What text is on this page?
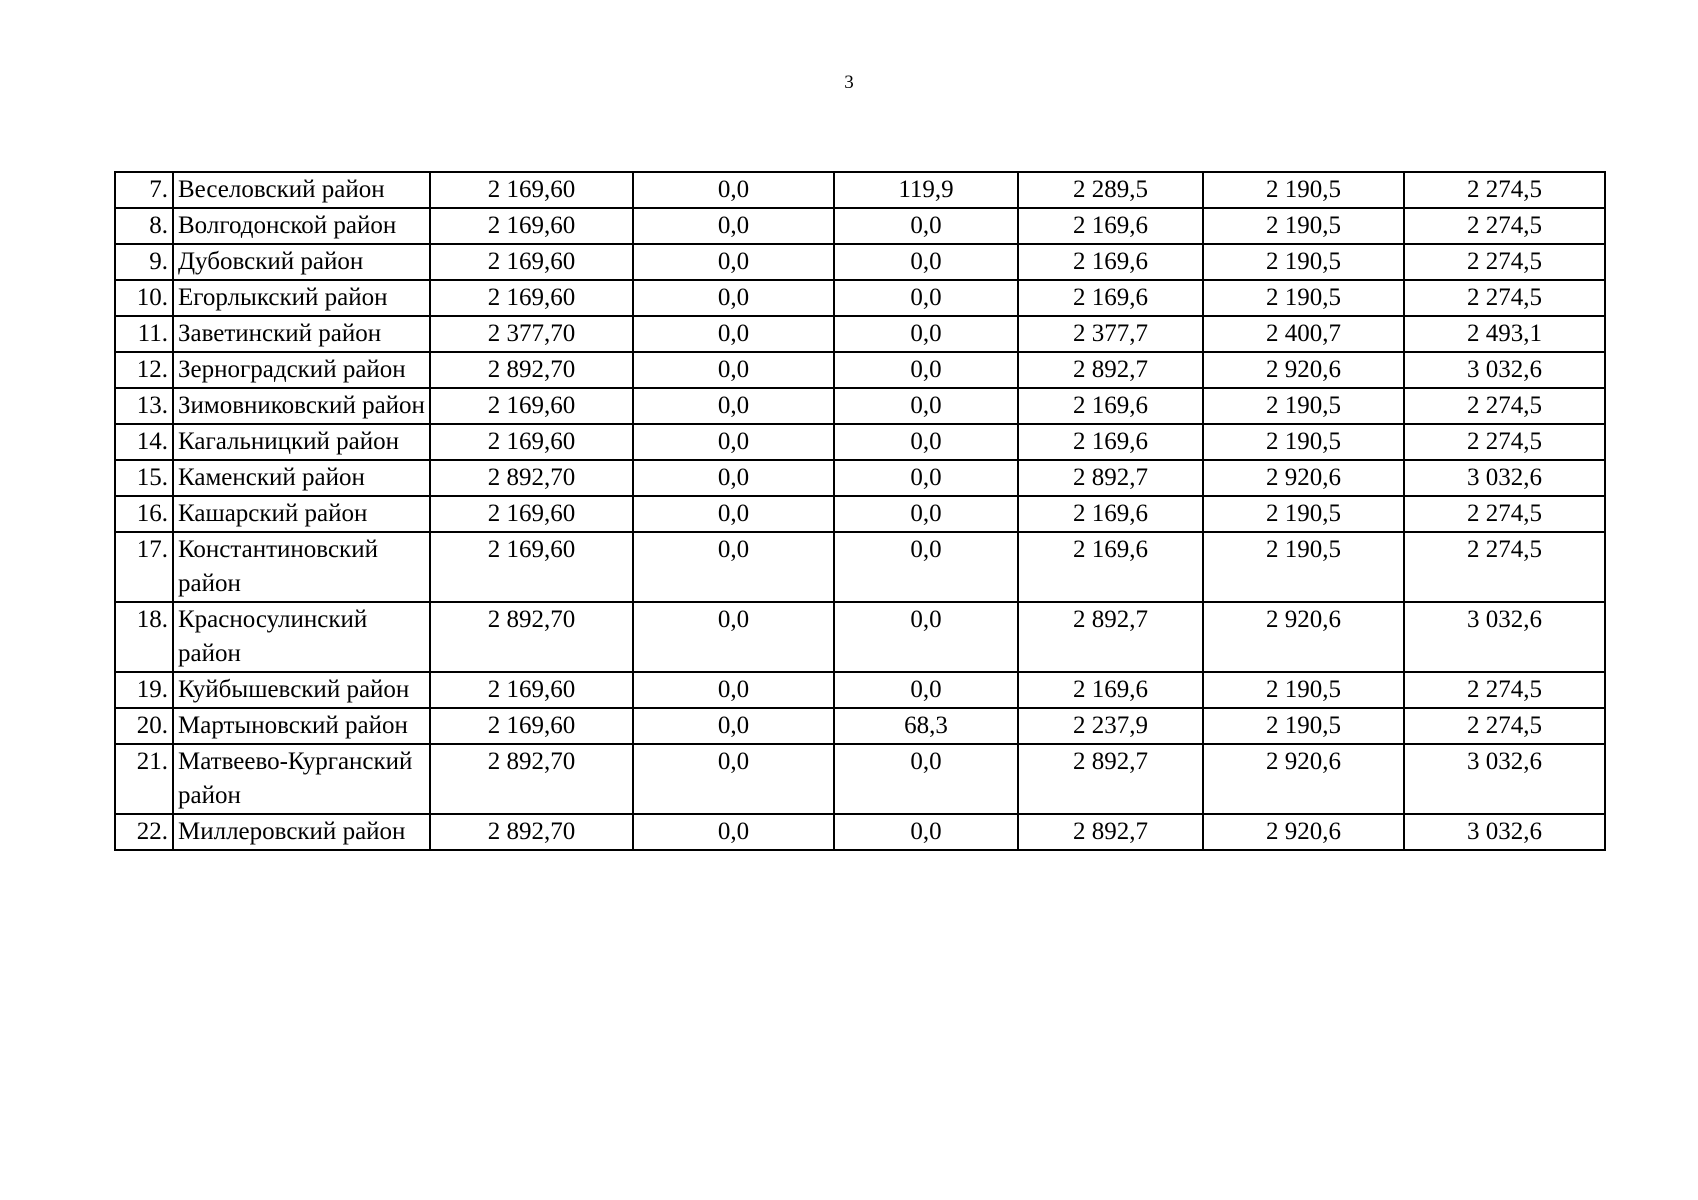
3
7.	Веселовский район	2 169,60	0,0	119,9	2 289,5	2 190,5	2 274,5
8.	Волгодонской район	2 169,60	0,0	0,0	2 169,6	2 190,5	2 274,5
9.	Дубовский район	2 169,60	0,0	0,0	2 169,6	2 190,5	2 274,5
10.	Егорлыкский район	2 169,60	0,0	0,0	2 169,6	2 190,5	2 274,5
11.	Заветинский район	2 377,70	0,0	0,0	2 377,7	2 400,7	2 493,1
12.	Зерноградский район	2 892,70	0,0	0,0	2 892,7	2 920,6	3 032,6
13.	Зимовниковский район	2 169,60	0,0	0,0	2 169,6	2 190,5	2 274,5
14.	Кагальницкий район	2 169,60	0,0	0,0	2 169,6	2 190,5	2 274,5
15.	Каменский район	2 892,70	0,0	0,0	2 892,7	2 920,6	3 032,6
16.	Кашарский район	2 169,60	0,0	0,0	2 169,6	2 190,5	2 274,5
17.	Константиновский район	2 169,60	0,0	0,0	2 169,6	2 190,5	2 274,5
18.	Красносулинский район	2 892,70	0,0	0,0	2 892,7	2 920,6	3 032,6
19.	Куйбышевский район	2 169,60	0,0	0,0	2 169,6	2 190,5	2 274,5
20.	Мартыновский район	2 169,60	0,0	68,3	2 237,9	2 190,5	2 274,5
21.	Матвеево-Курганский район	2 892,70	0,0	0,0	2 892,7	2 920,6	3 032,6
22.	Миллеровский район	2 892,70	0,0	0,0	2 892,7	2 920,6	3 032,6
